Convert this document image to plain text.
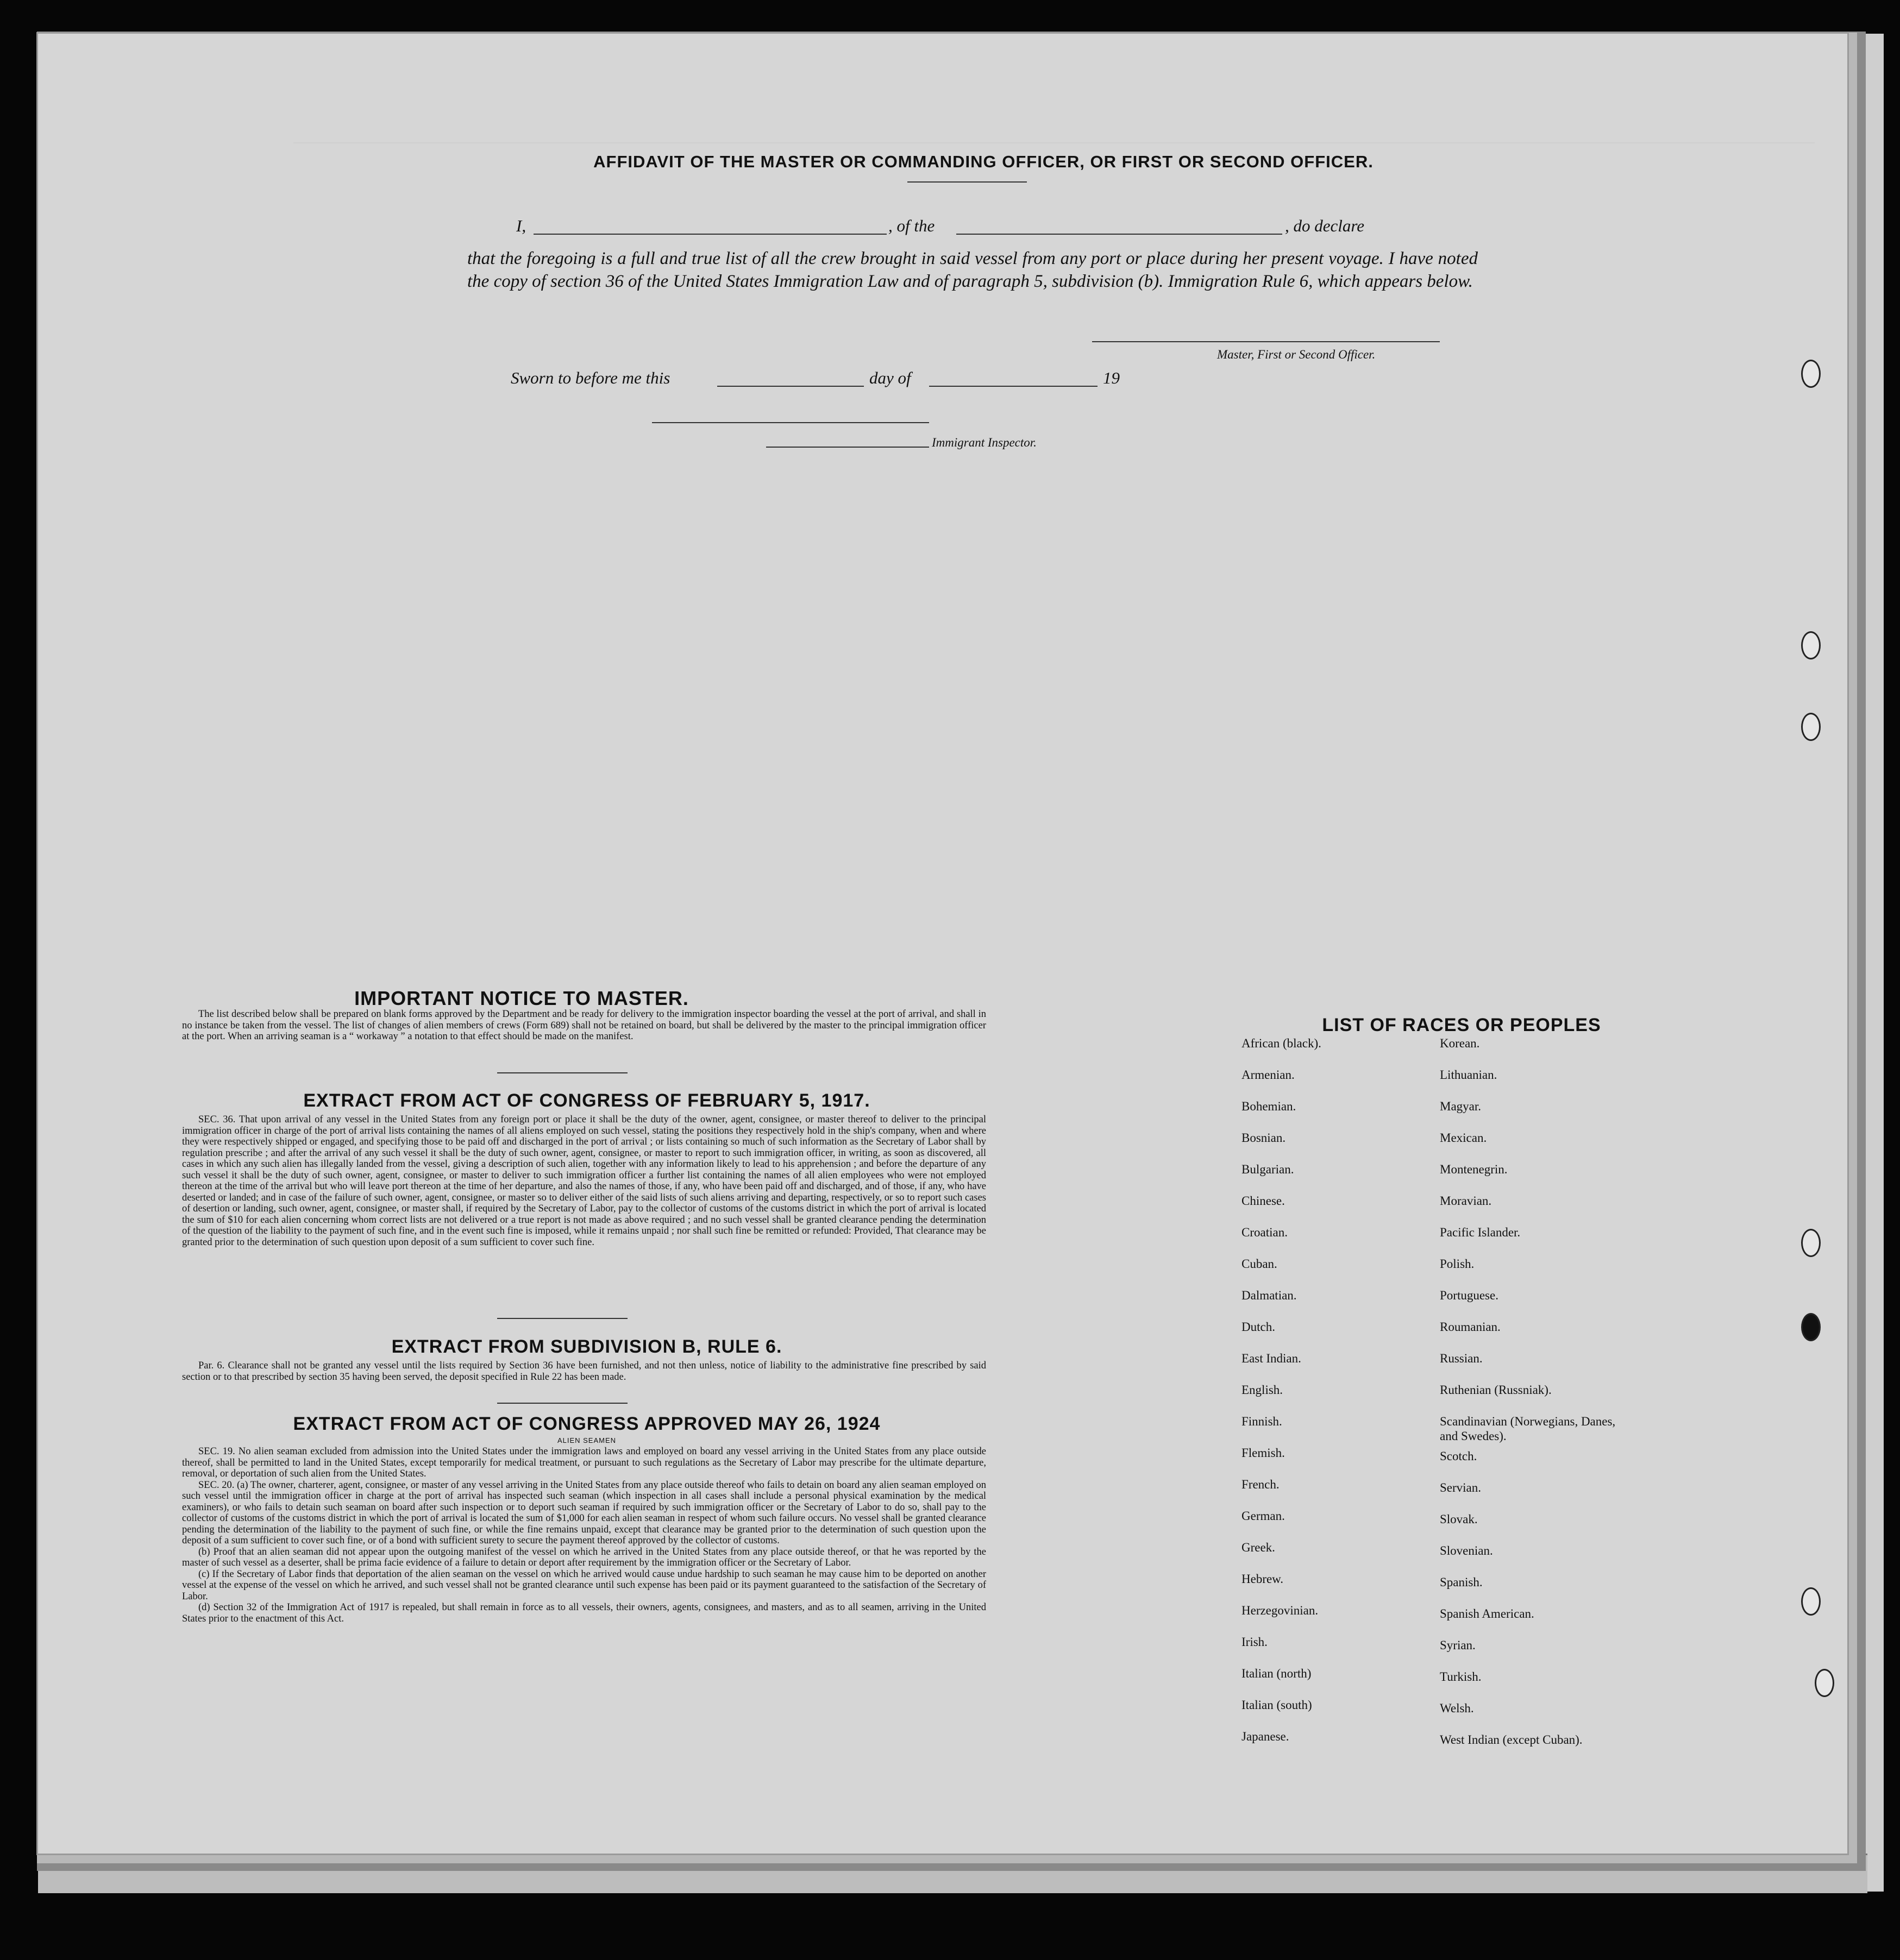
AFFIDAVIT OF THE MASTER OR COMMANDING OFFICER, OR FIRST OR SECOND OFFICER.
I,	, of the	, do declare
that the foregoing is a full and true list of all the crew brought in said vessel from any port or place during her present voyage. I have noted the copy of section 36 of the United States Immigration Law and of paragraph 5, subdivision (b). Immigration Rule 6, which appears below.
Master, First or Second Officer.
Sworn to before me this	day of	19
Immigrant Inspector.
IMPORTANT NOTICE TO MASTER.

The list described below shall be prepared on blank forms approved by the Department and be ready for delivery to the immigration inspector boarding the vessel at the port of arrival, and shall in no instance be taken from the vessel. The list of changes of alien members of crews (Form 689) shall not be retained on board, but shall be delivered by the master to the principal immigration officer at the port. When an arriving seaman is a “ workaway ” a notation to that effect should be made on the manifest.

EXTRACT FROM ACT OF CONGRESS OF FEBRUARY 5, 1917.

SEC. 36. That upon arrival of any vessel in the United States from any foreign port or place it shall be the duty of the owner, agent, consignee, or master thereof to deliver to the principal immigration officer in charge of the port of arrival lists containing the names of all aliens employed on such vessel, stating the positions they respectively hold in the ship's company, when and where they were respectively shipped or engaged, and specifying those to be paid off and discharged in the port of arrival ; or lists containing so much of such information as the Secretary of Labor shall by regulation prescribe ; and after the arrival of any such vessel it shall be the duty of such owner, agent, consignee, or master to report to such immigration officer, in writing, as soon as discovered, all cases in which any such alien has illegally landed from the vessel, giving a description of such alien, together with any information likely to lead to his apprehension ; and before the departure of any such vessel it shall be the duty of such owner, agent, consignee, or master to deliver to such immigration officer a further list containing the names of all alien employees who were not employed thereon at the time of the arrival but who will leave port thereon at the time of her departure, and also the names of those, if any, who have been paid off and discharged, and of those, if any, who have deserted or landed; and in case of the failure of such owner, agent, consignee, or master so to deliver either of the said lists of such aliens arriving and departing, respectively, or so to report such cases of desertion or landing, such owner, agent, consignee, or master shall, if required by the Secretary of Labor, pay to the collector of customs of the customs district in which the port of arrival is located the sum of $10 for each alien concerning whom correct lists are not delivered or a true report is not made as above required ; and no such vessel shall be granted clearance pending the determination of the question of the liability to the payment of such fine, and in the event such fine is imposed, while it remains unpaid ; nor shall such fine be remitted or refunded: Provided, That clearance may be granted prior to the determination of such question upon deposit of a sum sufficient to cover such fine.

EXTRACT FROM SUBDIVISION B, RULE 6.

Par. 6. Clearance shall not be granted any vessel until the lists required by Section 36 have been furnished, and not then unless, notice of liability to the administrative fine prescribed by said section or to that prescribed by section 35 having been served, the deposit specified in Rule 22 has been made.

EXTRACT FROM ACT OF CONGRESS APPROVED MAY 26, 1924
ALIEN SEAMEN

SEC. 19. No alien seaman excluded from admission into the United States under the immigration laws and employed on board any vessel arriving in the United States from any place outside thereof, shall be permitted to land in the United States, except temporarily for medical treatment, or pursuant to such regulations as the Secretary of Labor may prescribe for the ultimate departure, removal, or deportation of such alien from the United States.

SEC. 20. (a) The owner, charterer, agent, consignee, or master of any vessel arriving in the United States from any place outside thereof who fails to detain on board any alien seaman employed on such vessel until the immigration officer in charge at the port of arrival has inspected such seaman (which inspection in all cases shall include a personal physical examination by the medical examiners), or who fails to detain such seaman on board after such inspection or to deport such seaman if required by such immigration officer or the Secretary of Labor to do so, shall pay to the collector of customs of the customs district in which the port of arrival is located the sum of $1,000 for each alien seaman in respect of whom such failure occurs. No vessel shall be granted clearance pending the determination of the liability to the payment of such fine, or while the fine remains unpaid, except that clearance may be granted prior to the determination of such question upon the deposit of a sum sufficient to cover such fine, or of a bond with sufficient surety to secure the payment thereof approved by the collector of customs.

(b) Proof that an alien seaman did not appear upon the outgoing manifest of the vessel on which he arrived in the United States from any place outside thereof, or that he was reported by the master of such vessel as a deserter, shall be prima facie evidence of a failure to detain or deport after requirement by the immigration officer or the Secretary of Labor.

(c) If the Secretary of Labor finds that deportation of the alien seaman on the vessel on which he arrived would cause undue hardship to such seaman he may cause him to be deported on another vessel at the expense of the vessel on which he arrived, and such vessel shall not be granted clearance until such expense has been paid or its payment guaranteed to the satisfaction of the Secretary of Labor.

(d) Section 32 of the Immigration Act of 1917 is repealed, but shall remain in force as to all vessels, their owners, agents, consignees, and masters, and as to all seamen, arriving in the United States prior to the enactment of this Act.

LIST OF RACES OR PEOPLES
African (black).
Armenian.
Bohemian.
Bosnian.
Bulgarian.
Chinese.
Croatian.
Cuban.
Dalmatian.
Dutch.
East Indian.
English.
Finnish.
Flemish.
French.
German.
Greek.
Hebrew.
Herzegovinian.
Irish.
Italian (north)
Italian (south)
Japanese.
Korean.
Lithuanian.
Magyar.
Mexican.
Montenegrin.
Moravian.
Pacific Islander.
Polish.
Portuguese.
Roumanian.
Russian.
Ruthenian (Russniak).
Scandinavian (Norwegians, Danes, and Swedes).
Scotch.
Servian.
Slovak.
Slovenian.
Spanish.
Spanish American.
Syrian.
Turkish.
Welsh.
West Indian (except Cuban).
